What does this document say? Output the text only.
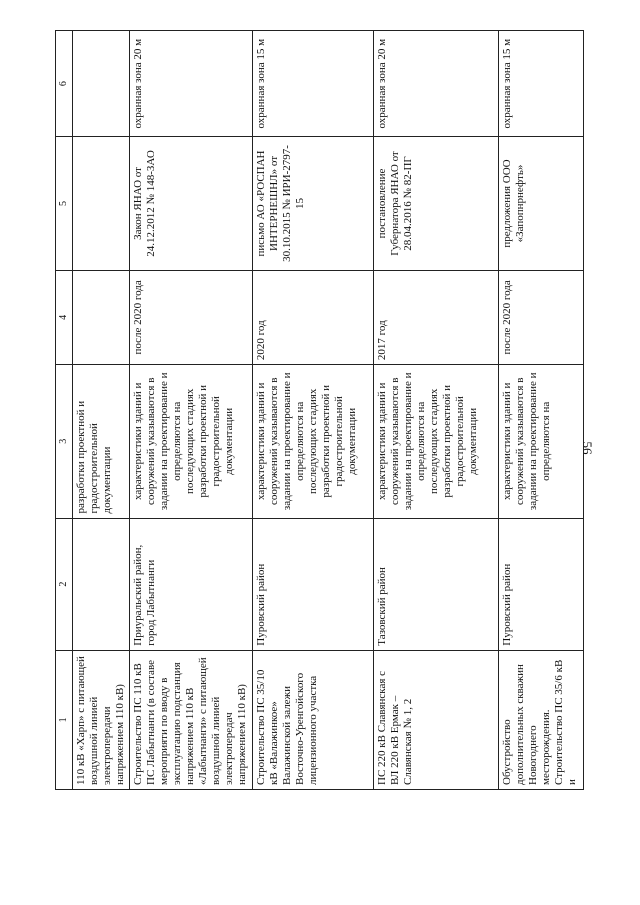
56
1	2	3	4	5	6
110 кВ «Харп» с питающей воздушной линией электропередачи напряжением 110 кВ)		разработки проектной и градостроительной документации			
Строительство ПС 110 кВ ПС Лабытнанги (в составе мероприяти по вводу в эксплуатацию подстанция напряжением 110 кВ «Лабытнанги» с питающей воздушной линией электропередач напряжением 110 кВ)	Приуральский район, город Лабытнанги	характеристики зданий и сооружений указываются в задании на проектирование и определяются на последующих стадиях разработки проектной и градостроительной документации	после 2020 года	Закон ЯНАО от 24.12.2012 № 148-ЗАО	охранная зона 20 м
Строительство ПС 35/10 кВ «Валажинкое» Валажинской залежи Восточно-Уренгойского лицензионного участка	Пуровский район	характеристики зданий и сооружений указываются в задании на проектирование и определяются на последующих стадиях разработки проектной и градостроительной документации	2020 год	письмо АО «РОСПАН ИНТЕРНЕШНЛ» от 30.10.2015 № ИРИ-2797-15	охранная зона 15 м
ПС 220 кВ Славянская с ВЛ 220 кВ Ермак – Славянская № 1, 2	Тазовский район	характеристики зданий и сооружений указываются в задании на проектирование и определяются на последующих стадиях разработки проектной и градостроительной документации	2017 год	постановление Губернатора ЯНАО от 28.04.2016 № 82-ПГ	охранная зона 20 м
Обустройство дополнительных скважин Новогоднего месторождения. Строительство ПС 35/6 кВ и	Пуровский район	характеристики зданий и сооружений указываются в задании на проектирование и определяются на	после 2020 года	предложения ООО «Запопнрнефть»	охранная зона 15 м
